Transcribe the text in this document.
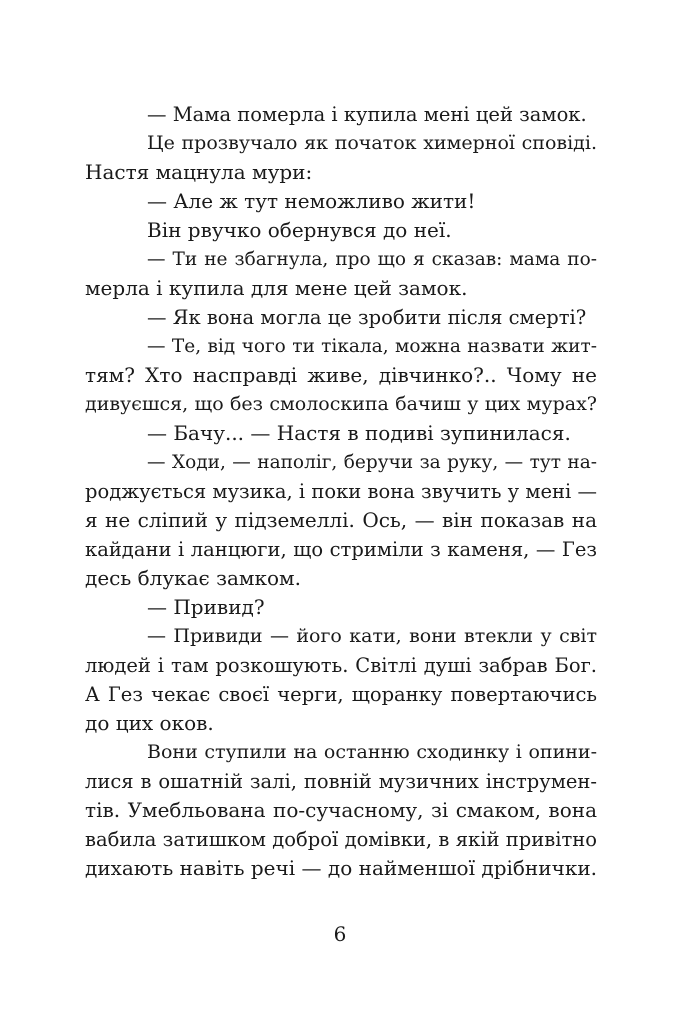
— Мама померла і купила мені цей замок.
Це прозвучало як початок химерної сповіді.
Настя мацнула мури:
— Але ж тут неможливо жити!
Він рвучко обернувся до неї.
— Ти не збагнула, про що я сказав: мама по-
мерла і купила для мене цей замок.
— Як вона могла це зробити після смерті?
— Те, від чого ти тікала, можна назвати жит-
тям? Хто насправді живе, дівчинко?.. Чому не
дивуєшся, що без смолоскипа бачиш у цих мурах?
— Бачу... — Настя в подиві зупинилася.
— Ходи, — наполіг, беручи за руку, — тут на-
роджується музика, і поки вона звучить у мені —
я не сліпий у підземеллі. Ось, — він показав на
кайдани і ланцюги, що стриміли з каменя, — Гез
десь блукає замком.
— Привид?
— Привиди — його кати, вони втекли у світ
людей і там розкошують. Світлі душі забрав Бог.
А Гез чекає своєї черги, щоранку повертаючись
до цих оков.
Вони ступили на останню сходинку і опини-
лися в ошатній залі, повній музичних інструмен-
тів. Умебльована по-сучасному, зі смаком, вона
вабила затишком доброї домівки, в якій привітно
дихають навіть речі — до найменшої дрібнички.
6
